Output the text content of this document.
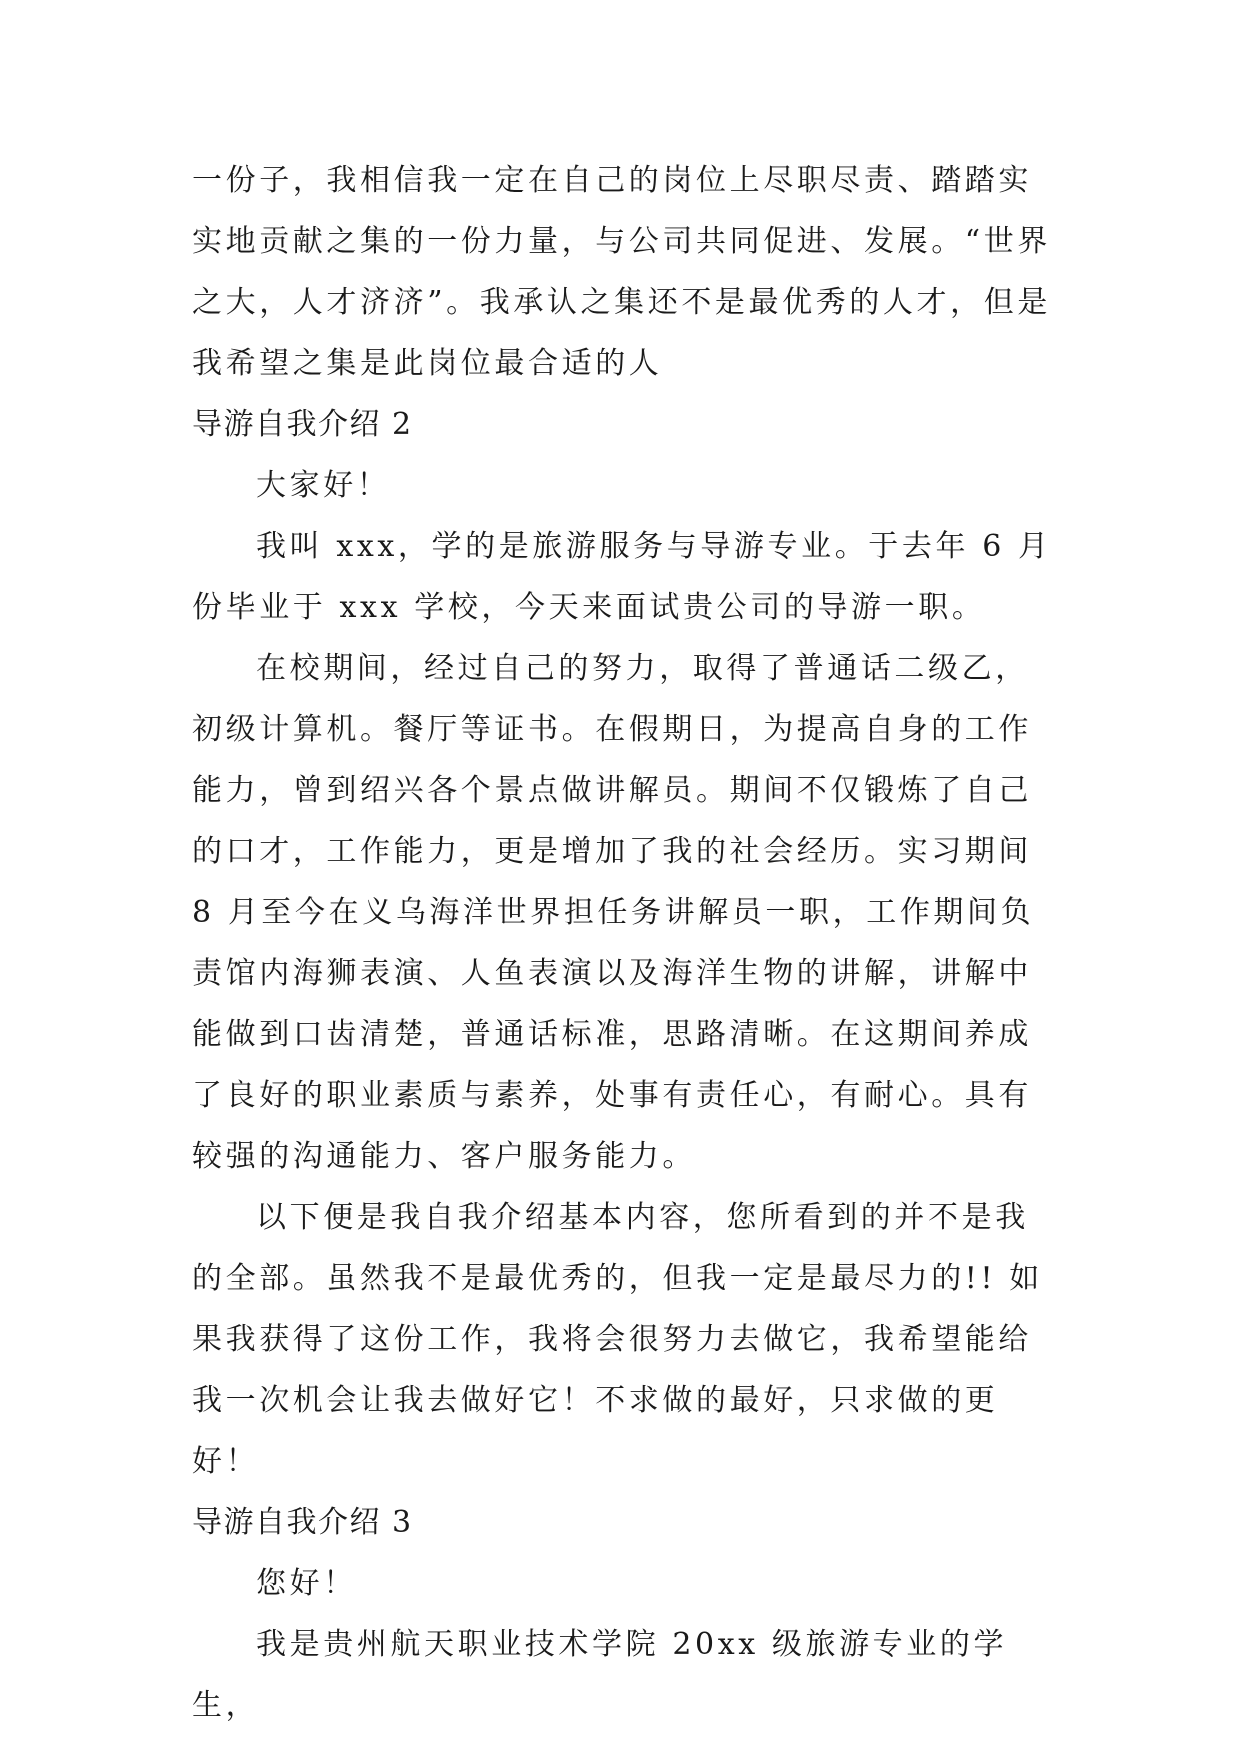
一份子，我相信我一定在自己的岗位上尽职尽责、踏踏实实地贡献之集的一份力量，与公司共同促进、发展。“世界之大，人才济济”。我承认之集还不是最优秀的人才，但是我希望之集是此岗位最合适的人

导游自我介绍 2

大家好！

我叫 xxx，学的是旅游服务与导游专业。于去年 6 月份毕业于 xxx 学校，今天来面试贵公司的导游一职。

在校期间，经过自己的努力，取得了普通话二级乙，初级计算机。餐厅等证书。在假期日，为提高自身的工作能力，曾到绍兴各个景点做讲解员。期间不仅锻炼了自己的口才，工作能力，更是增加了我的社会经历。实习期间 8 月至今在义乌海洋世界担任务讲解员一职，工作期间负责馆内海狮表演、人鱼表演以及海洋生物的讲解，讲解中能做到口齿清楚，普通话标准，思路清晰。在这期间养成了良好的职业素质与素养，处事有责任心，有耐心。具有较强的沟通能力、客户服务能力。

以下便是我自我介绍基本内容，您所看到的并不是我的全部。虽然我不是最优秀的，但我一定是最尽力的!! 如果我获得了这份工作，我将会很努力去做它，我希望能给我一次机会让我去做好它！不求做的最好，只求做的更好！

导游自我介绍 3

您好！

我是贵州航天职业技术学院 20xx 级旅游专业的学生，
